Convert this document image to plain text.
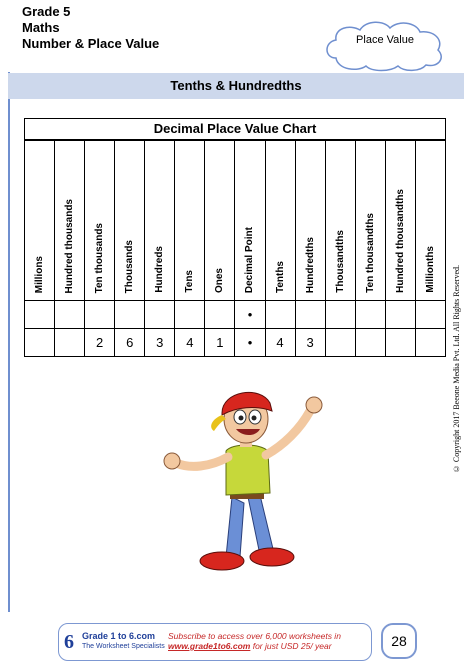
Grade 5
Maths
Number & Place Value	Place Value
Tenths & Hundredths
Decimal Place Value Chart
Millions	Hundred thousands	Ten thousands	Thousands	Hundreds	Tens	Ones	Decimal Point	Tenths	Hundredths	Thousandths	Ten thousandths	Hundred thousandths	Millionths
							•						
		2	6	3	4	1	•	4	3					© Copyright 2017 Beeone Media Pvt. Ltd. All Rights Reserved.
6 Grade 1 to 6.com
The Worksheet Specialists
Subscribe to access over 6,000 worksheets in
www.grade1to6.com for just USD 25/ year	28
